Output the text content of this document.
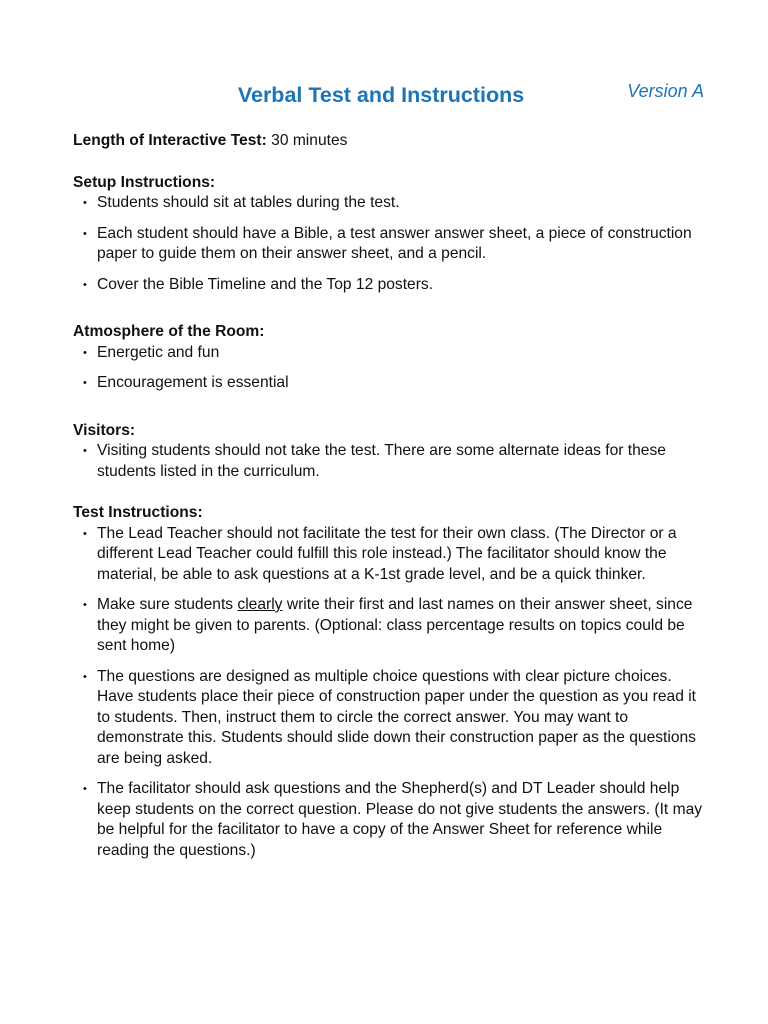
Verbal Test and Instructions	Version A

Length of Interactive Test: 30 minutes

Setup Instructions:

• Students should sit at tables during the test.
• Each student should have a Bible, a test answer answer sheet, a piece of construction paper to guide them on their answer sheet, and a pencil.
• Cover the Bible Timeline and the Top 12 posters.

Atmosphere of the Room:

• Energetic and fun
• Encouragement is essential

Visitors:

• Visiting students should not take the test. There are some alternate ideas for these students listed in the curriculum.

Test Instructions:

• The Lead Teacher should not facilitate the test for their own class. (The Director or a different Lead Teacher could fulfill this role instead.) The facilitator should know the material, be able to ask questions at a K-1st grade level, and be a quick thinker.
• Make sure students clearly write their first and last names on their answer sheet, since they might be given to parents. (Optional: class percentage results on topics could be sent home)
• The questions are designed as multiple choice questions with clear picture choices. Have students place their piece of construction paper under the question as you read it to students. Then, instruct them to circle the correct answer. You may want to demonstrate this. Students should slide down their construction paper as the questions are being asked.
• The facilitator should ask questions and the Shepherd(s) and DT Leader should help keep students on the correct question. Please do not give students the answers. (It may be helpful for the facilitator to have a copy of the Answer Sheet for reference while reading the questions.)
